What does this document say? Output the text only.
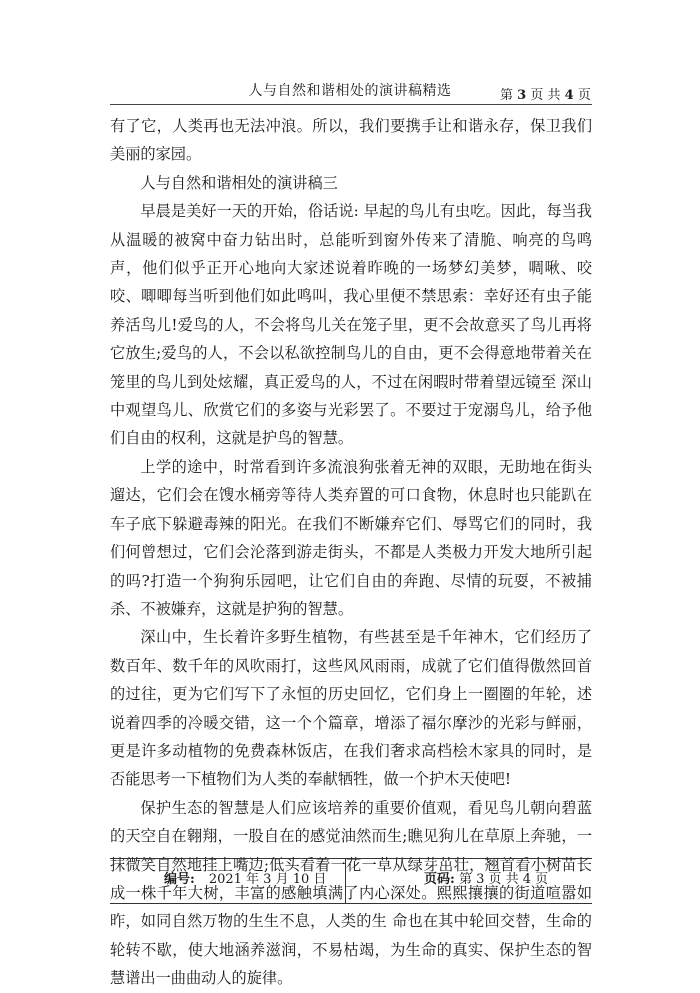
人与自然和谐相处的演讲稿精选	第 3 页 共 4 页

有了它，人类再也无法冲浪。所以，我们要携手让和谐永存，保卫我们美丽的家园。

人与自然和谐相处的演讲稿三

早晨是美好一天的开始，俗话说: 早起的鸟儿有虫吃。因此，每当我从温暖的被窝中奋力钻出时，总能听到窗外传来了清脆、响亮的鸟鸣声，他们似乎正开心地向大家述说着昨晚的一场梦幻美梦，啁啾、咬咬、唧唧每当听到他们如此鸣叫，我心里便不禁思索：幸好还有虫子能养活鸟儿!爱鸟的人，不会将鸟儿关在笼子里，更不会故意买了鸟儿再将它放生;爱鸟的人，不会以私欲控制鸟儿的自由，更不会得意地带着关在笼里的鸟儿到处炫耀，真正爱鸟的人，不过在闲暇时带着望远镜至 深山中观望鸟儿、欣赏它们的多姿与光彩罢了。不要过于宠溺鸟儿，给予他们自由的权利，这就是护鸟的智慧。

上学的途中，时常看到许多流浪狗张着无神的双眼，无助地在街头遛达，它们会在馊水桶旁等待人类弃置的可口食物，休息时也只能趴在车子底下躲避毒辣的阳光。在我们不断嫌弃它们、辱骂它们的同时，我们何曾想过，它们会沦落到游走街头，不都是人类极力开发大地所引起的吗?打造一个狗狗乐园吧，让它们自由的奔跑、尽情的玩耍，不被捕杀、不被嫌弃，这就是护狗的智慧。

深山中，生长着许多野生植物，有些甚至是千年神木，它们经历了数百年、数千年的风吹雨打，这些风风雨雨，成就了它们值得傲然回首的过往，更为它们写下了永恒的历史回忆，它们身上一圈圈的年轮，述说着四季的冷暖交错，这一个个篇章，增添了福尔摩沙的光彩与鲜丽，更是许多动植物的免费森林饭店，在我们奢求高档桧木家具的同时，是否能思考一下植物们为人类的奉献牺牲，做一个护木天使吧!

保护生态的智慧是人们应该培养的重要价值观，看见鸟儿朝向碧蓝的天空自在翱翔，一股自在的感觉油然而生;瞧见狗儿在草原上奔驰，一抹微笑自然地挂上嘴边;低头看着一花一草从绿芽茁壮，翘首看小树苗长成一株千年大树，丰富的感触填满了内心深处。熙熙攘攘的街道喧嚣如昨，如同自然万物的生生不息，人类的生 命也在其中轮回交替，生命的轮转不歇，使大地涵养滋润，不易枯竭，为生命的真实、保护生态的智慧谱出一曲曲动人的旋律。

编号: 2021 年 3 月 10 日	页码: 第 3 页 共 4 页
